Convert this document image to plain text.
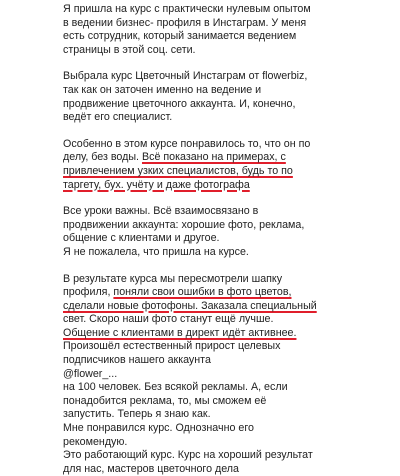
Я пришла на курс с практически нулевым опытом
в ведении бизнес- профиля в Инстаграм. У меня
есть сотрудник, который занимается ведением
страницы в этой соц. сети.
Выбрала курс Цветочный Инстаграм от flowerbiz,
так как он заточен именно на ведение и
продвижение цветочного аккаунта. И, конечно,
ведёт его специалист.
Особенно в этом курсе понравилось то, что он по
делу, без воды. Всё показано на примерах, с
привлечением узких специалистов, будь то по
таргету, бух. учёту и даже фотографа
Все уроки важны. Всё взаимосвязано в
продвижении аккаунта: хорошие фото, реклама,
общение с клиентами и другое.
Я не пожалела, что пришла на курсе.
В результате курса мы пересмотрели шапку
профиля, поняли свои ошибки в фото цветов,
сделали новые фотофоны. Заказала специальный
свет. Скоро наши фото станут ещё лучше.
Общение с клиентами в директ идёт активнее.
Произошёл естественный прирост целевых
подписчиков нашего аккаунта
@flower_...
на 100 человек. Без всякой рекламы. А, если
понадобится реклама, то, мы сможем её
запустить. Теперь я знаю как.
Мне понравился курс. Однозначно его
рекомендую.
Это работающий курс. Курс на хороший результат
для нас, мастеров цветочного дела
